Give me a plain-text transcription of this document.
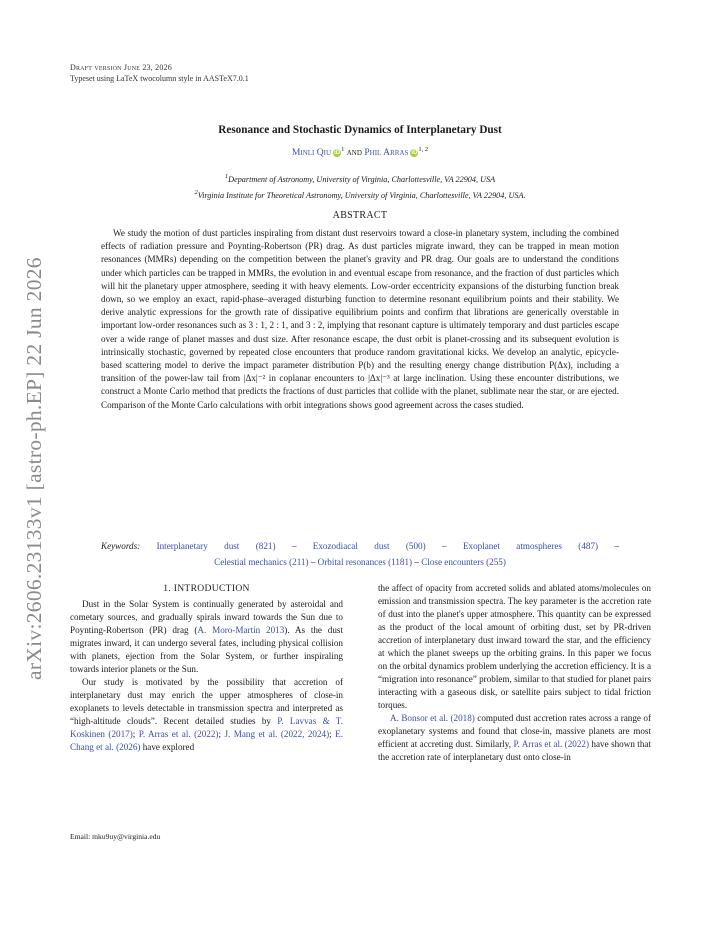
Draft version June 23, 2026
Typeset using LaTeX twocolumn style in AASTeX7.0.1
Resonance and Stochastic Dynamics of Interplanetary Dust
Minli Qiu $iD^1$ and Phil Arras iD$^{1, 2}$
$^1$Department of Astronomy, University of Virginia, Charlottesville, VA 22904, USA
$^2$Virginia Institute for Theoretical Astronomy, University of Virginia, Charlottesville, VA 22904, USA.
ABSTRACT
We study the motion of dust particles inspiraling from distant dust reservoirs toward a close-in planetary system, including the combined effects of radiation pressure and Poynting-Robertson (PR) drag. As dust particles migrate inward, they can be trapped in mean motion resonances (MMRs) depending on the competition between the planet's gravity and PR drag. Our goals are to understand the conditions under which particles can be trapped in MMRs, the evolution in and eventual escape from resonance, and the fraction of dust particles which will hit the planetary upper atmosphere, seeding it with heavy elements. Low-order eccentricity expansions of the disturbing function break down, so we employ an exact, rapid-phase–averaged disturbing function to determine resonant equilibrium points and their stability. We derive analytic expressions for the growth rate of dissipative equilibrium points and confirm that librations are generically overstable in important low-order resonances such as 3 : 1, 2 : 1, and 3 : 2, implying that resonant capture is ultimately temporary and dust particles escape over a wide range of planet masses and dust size. After resonance escape, the dust orbit is planet-crossing and its subsequent evolution is intrinsically stochastic, governed by repeated close encounters that produce random gravitational kicks. We develop an analytic, epicycle-based scattering model to derive the impact parameter distribution P(b) and the resulting energy change distribution P(Δx), including a transition of the power-law tail from |Δx|⁻² in coplanar encounters to |Δx|⁻³ at large inclination. Using these encounter distributions, we construct a Monte Carlo method that predicts the fractions of dust particles that collide with the planet, sublimate near the star, or are ejected. Comparison of the Monte Carlo calculations with orbit integrations shows good agreement across the cases studied.
Keywords: Interplanetary dust (821) – Exozodiacal dust (500) – Exoplanet atmospheres (487) –
Celestial mechanics (211) – Orbital resonances (1181) – Close encounters (255)
arXiv:2606.23133v1 [astro-ph.EP] 22 Jun 2026	1. INTRODUCTION

Dust in the Solar System is continually generated by asteroidal and cometary sources, and gradually spirals inward towards the Sun due to Poynting-Robertson (PR) drag (A. Moro-Martin 2013). As the dust migrates inward, it can undergo several fates, including physical collision with planets, ejection from the Solar System, or further inspiraling towards interior planets or the Sun.

Our study is motivated by the possibility that accretion of interplanetary dust may enrich the upper atmospheres of close-in exoplanets to levels detectable in transmission spectra and interpreted as “high-altitude clouds”. Recent detailed studies by P. Lavvas & T. Koskinen (2017); P. Arras et al. (2022); J. Mang et al. (2022, 2024); E. Chang et al. (2026) have explored

the affect of opacity from accreted solids and ablated atoms/molecules on emission and transmission spectra. The key parameter is the accretion rate of dust into the planet's upper atmosphere. This quantity can be expressed as the product of the local amount of orbiting dust, set by PR-driven accretion of interplanetary dust inward toward the star, and the efficiency at which the planet sweeps up the orbiting grains. In this paper we focus on the orbital dynamics problem underlying the accretion efficiency. It is a “migration into resonance” problem, similar to that studied for planet pairs interacting with a gaseous disk, or satellite pairs subject to tidal friction torques.

A. Bonsor et al. (2018) computed dust accretion rates across a range of exoplanetary systems and found that close-in, massive planets are most efficient at accreting dust. Similarly, P. Arras et al. (2022) have shown that the accretion rate of interplanetary dust onto close-in

Email: mku9uy@virginia.edu
